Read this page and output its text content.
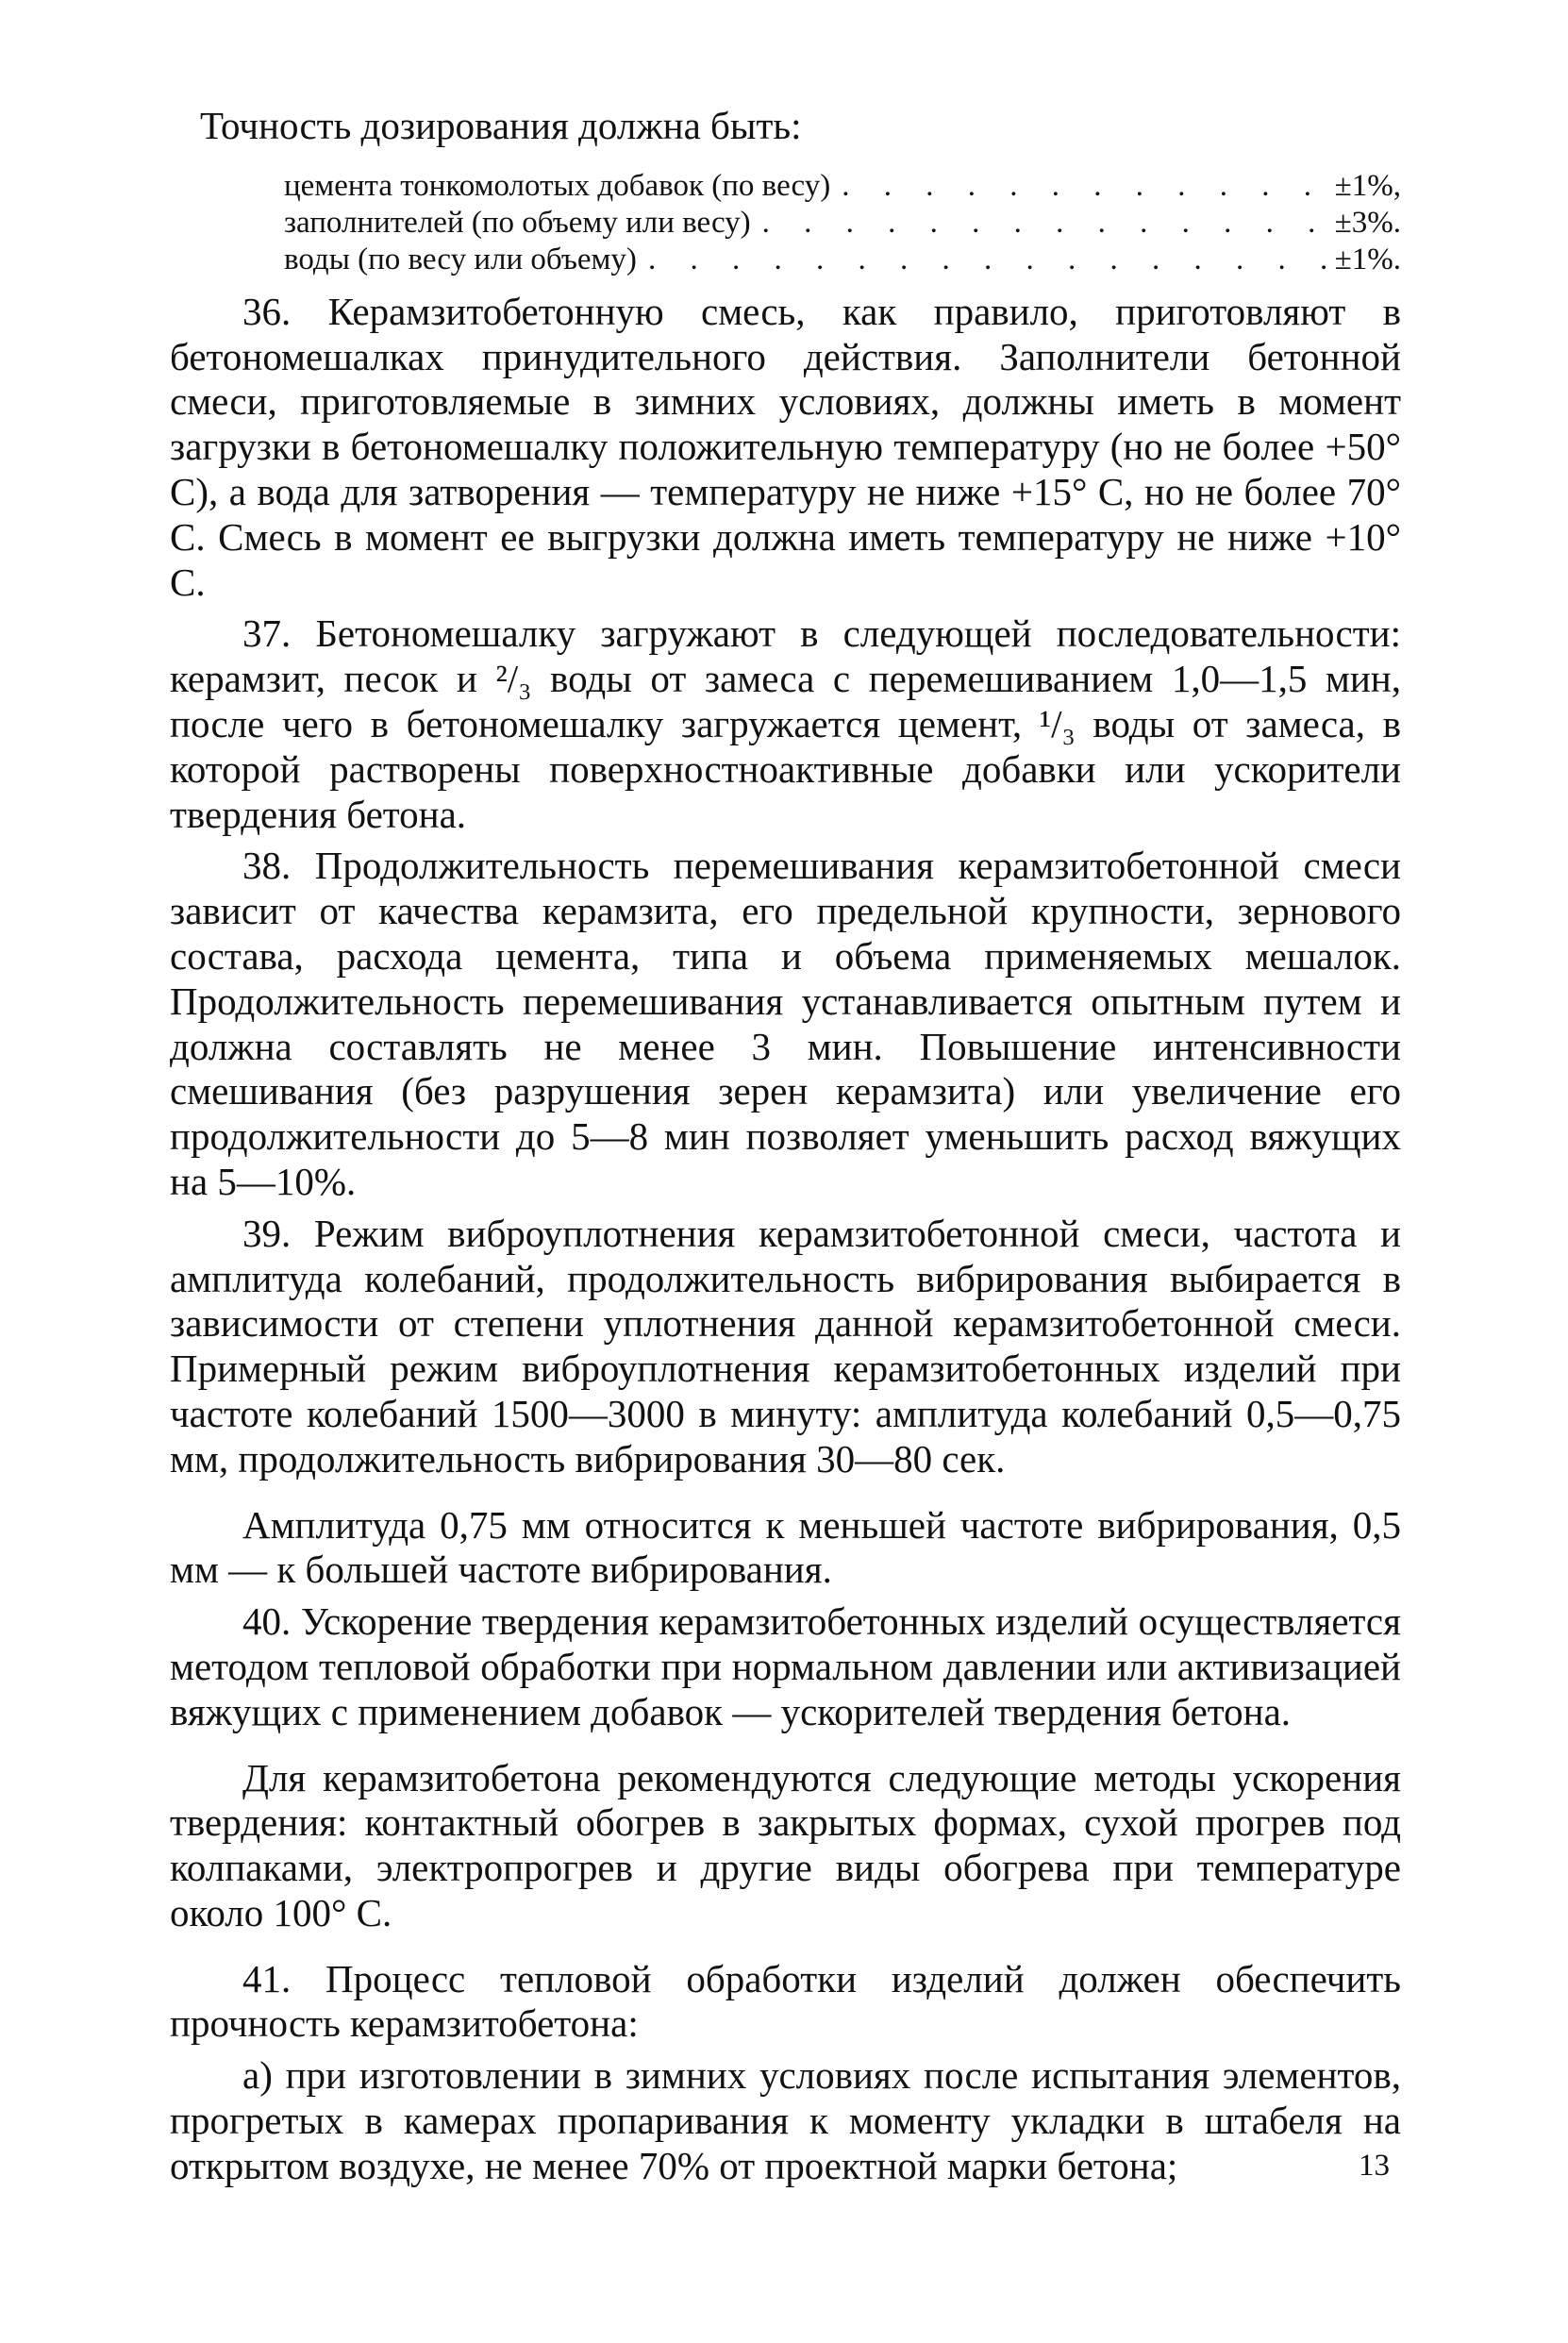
Точность дозирования должна быть:

цемента тонкомолотых добавок (по весу) . . .	±1%,
заполнителей (по объему или весу) . . .	±3%.
воды (по весу или объему) . . .	±1%.

36. Керамзитобетонную смесь, как правило, приготовляют в бетономешалках принудительного действия. Заполнители бетонной смеси, приготовляемые в зимних условиях, должны иметь в момент загрузки в бетономешалку положительную температуру (но не более +50° С), а вода для затворения — температуру не ниже +15° С, но не более 70° С. Смесь в момент ее выгрузки должна иметь температуру не ниже +10° С.

37. Бетономешалку загружают в следующей последовательности: керамзит, песок и ²/₃ воды от замеса с перемешиванием 1,0—1,5 мин, после чего в бетономешалку загружается цемент, ¹/₃ воды от замеса, в которой растворены поверхностноактивные добавки или ускорители твердения бетона.

38. Продолжительность перемешивания керамзитобетонной смеси зависит от качества керамзита, его предельной крупности, зернового состава, расхода цемента, типа и объема применяемых мешалок. Продолжительность перемешивания устанавливается опытным путем и должна составлять не менее 3 мин. Повышение интенсивности смешивания (без разрушения зерен керамзита) или увеличение его продолжительности до 5—8 мин позволяет уменьшить расход вяжущих на 5—10%.

39. Режим виброуплотнения керамзитобетонной смеси, частота и амплитуда колебаний, продолжительность вибрирования выбирается в зависимости от степени уплотнения данной керамзитобетонной смеси. Примерный режим виброуплотнения керамзитобетонных изделий при частоте колебаний 1500—3000 в минуту: амплитуда колебаний 0,5—0,75 мм, продолжительность вибрирования 30—80 сек.

Амплитуда 0,75 мм относится к меньшей частоте вибрирования, 0,5 мм — к большей частоте вибрирования.

40. Ускорение твердения керамзитобетонных изделий осуществляется методом тепловой обработки при нормальном давлении или активизацией вяжущих с применением добавок — ускорителей твердения бетона.

Для керамзитобетона рекомендуются следующие методы ускорения твердения: контактный обогрев в закрытых формах, сухой прогрев под колпаками, электропрогрев и другие виды обогрева при температуре около 100° С.

41. Процесс тепловой обработки изделий должен обеспечить прочность керамзитобетона:

а) при изготовлении в зимних условиях после испытания элементов, прогретых в камерах пропаривания к моменту укладки в штабеля на открытом воздухе, не менее 70% от проектной марки бетона;	13
